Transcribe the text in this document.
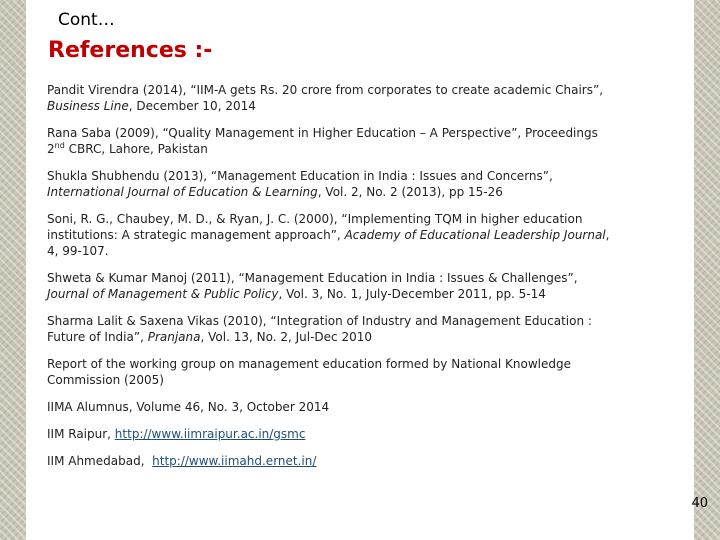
Cont…
References :-

Pandit Virendra (2014), “IIM-A gets Rs. 20 crore from corporates to create academic Chairs”,
Business Line, December 10, 2014

Rana Saba (2009), “Quality Management in Higher Education – A Perspective”, Proceedings
2nd CBRC, Lahore, Pakistan

Shukla Shubhendu (2013), “Management Education in India : Issues and Concerns”,
International Journal of Education & Learning, Vol. 2, No. 2 (2013), pp 15-26

Soni, R. G., Chaubey, M. D., & Ryan, J. C. (2000), “Implementing TQM in higher education
institutions: A strategic management approach”, Academy of Educational Leadership Journal,
4, 99-107.

Shweta & Kumar Manoj (2011), “Management Education in India : Issues & Challenges”,
Journal of Management & Public Policy, Vol. 3, No. 1, July-December 2011, pp. 5-14

Sharma Lalit & Saxena Vikas (2010), “Integration of Industry and Management Education :
Future of India”, Pranjana, Vol. 13, No. 2, Jul-Dec 2010

Report of the working group on management education formed by National Knowledge
Commission (2005)

IIMA Alumnus, Volume 46, No. 3, October 2014

IIM Raipur, http://www.iimraipur.ac.in/gsmc

IIM Ahmedabad,  http://www.iimahd.ernet.in/

40
